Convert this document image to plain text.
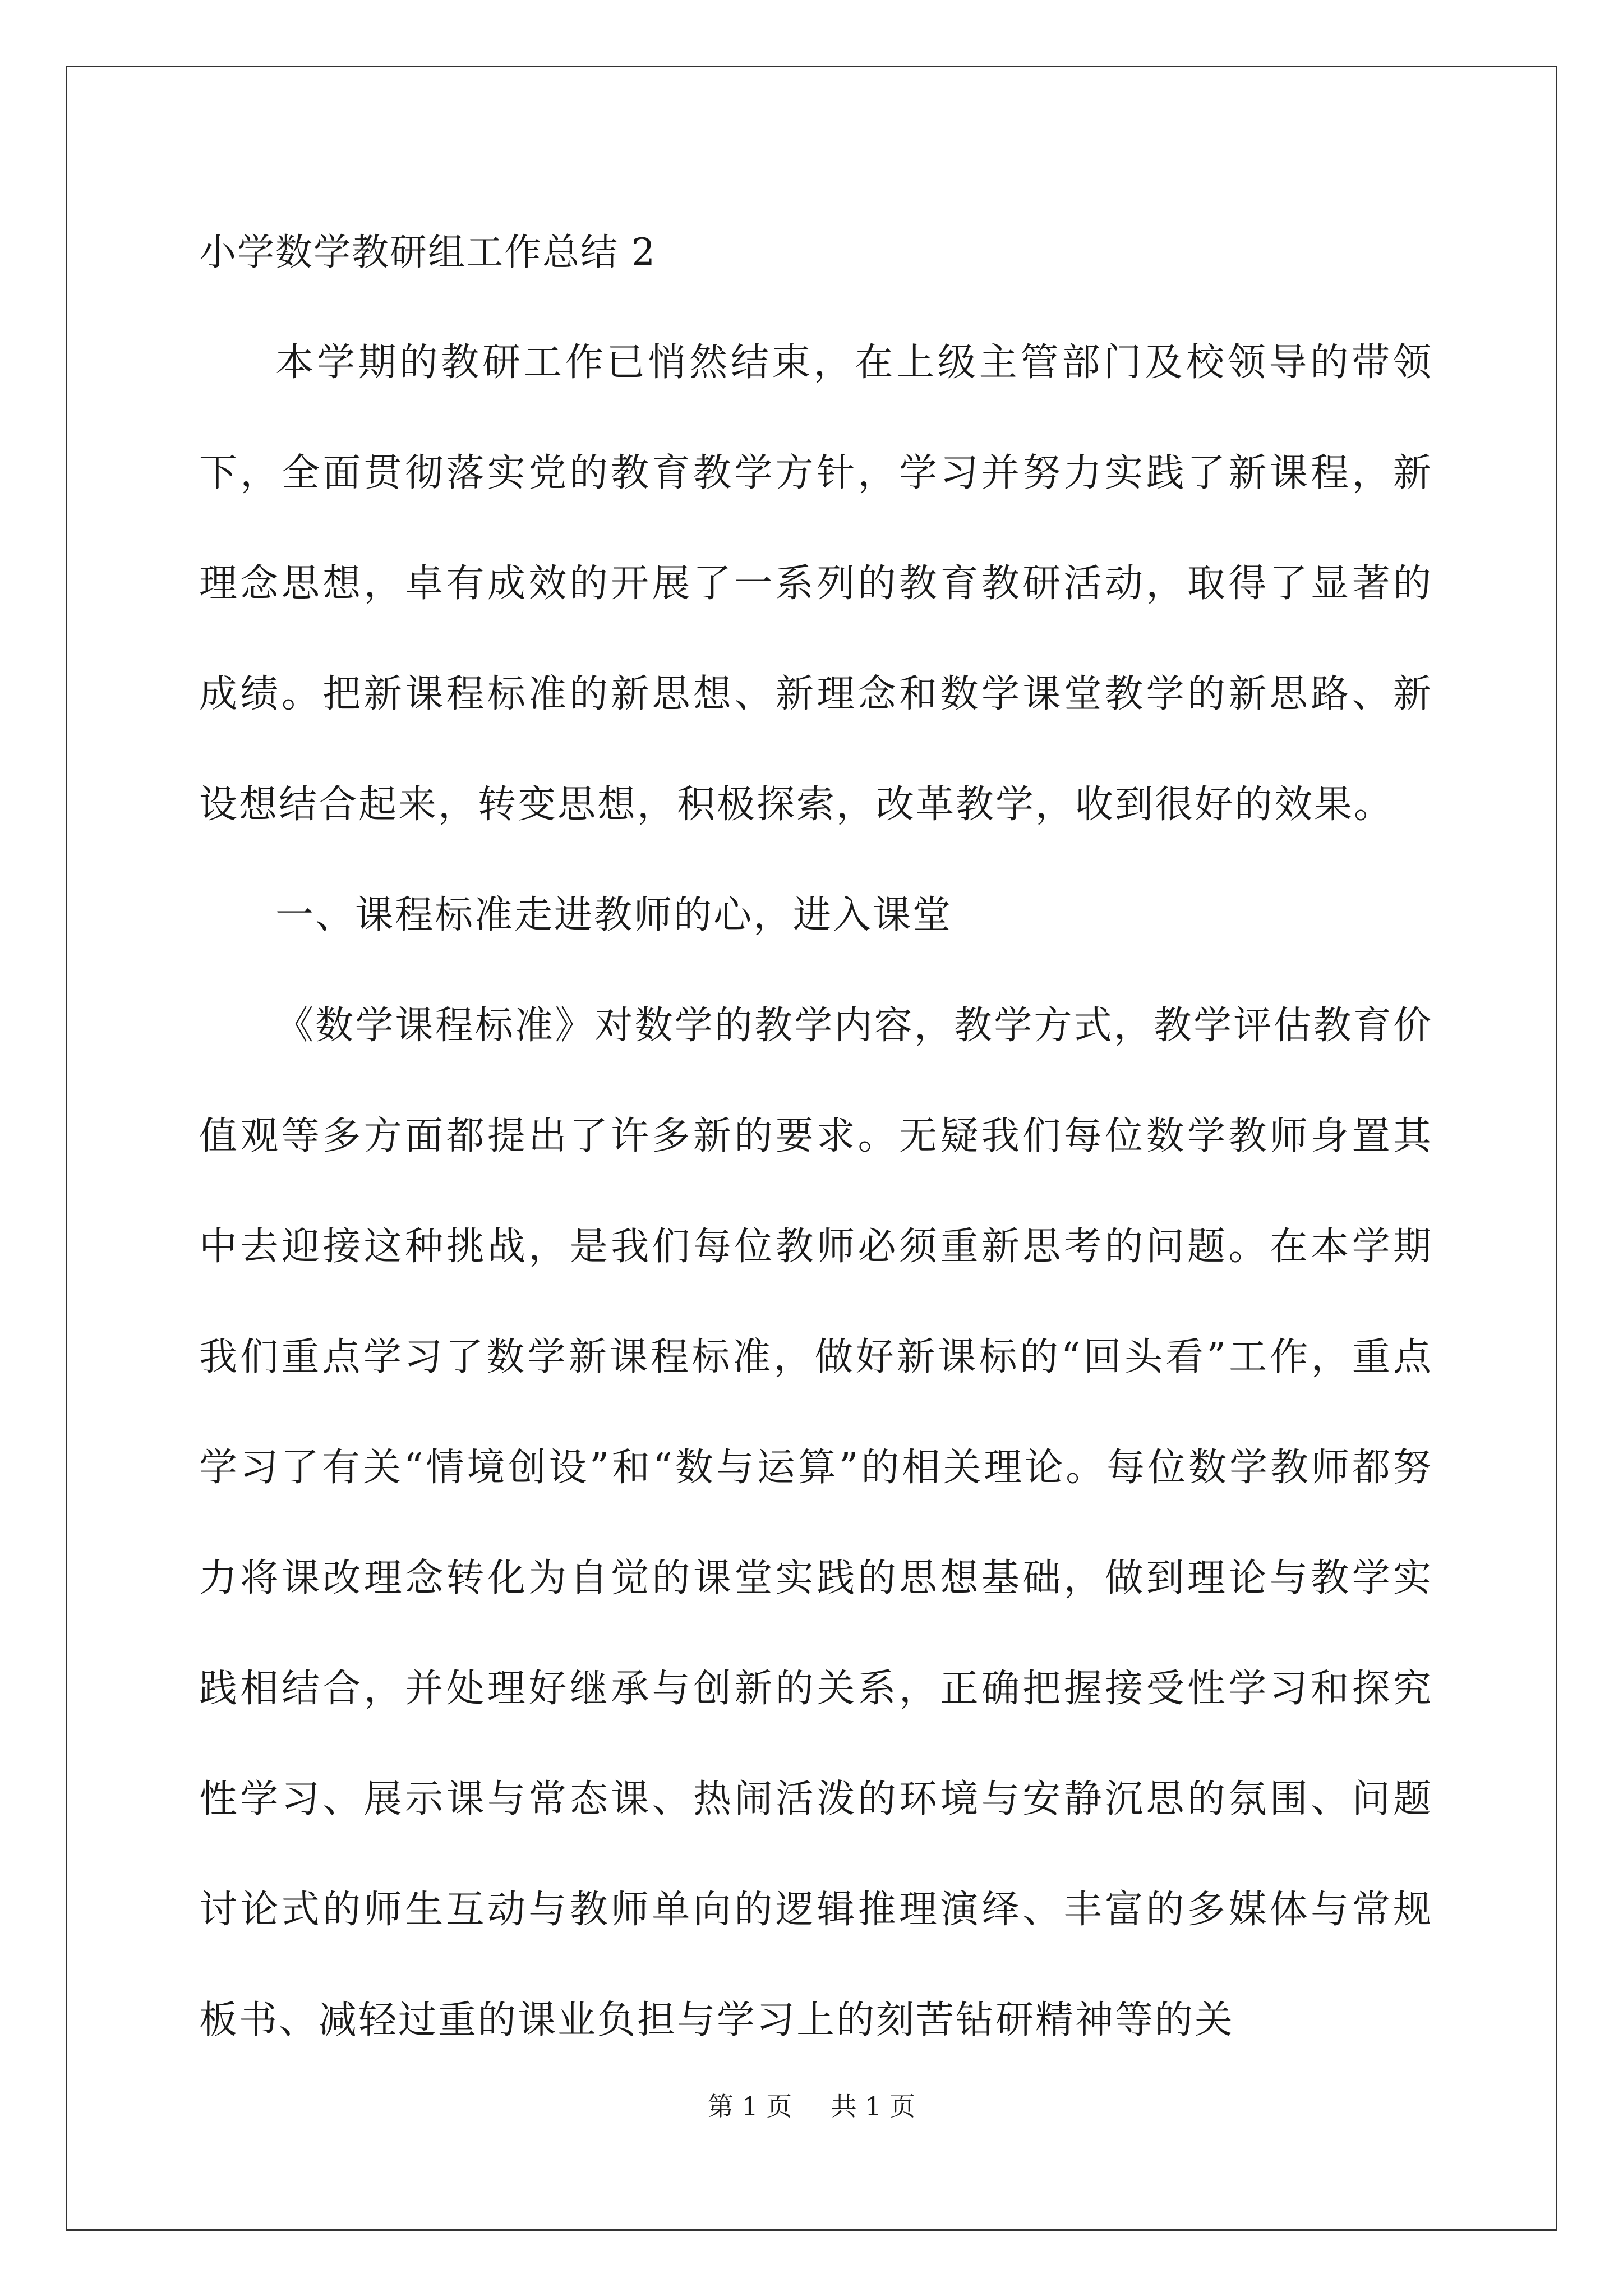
小学数学教研组工作总结 2

本学期的教研工作已悄然结束，在上级主管部门及校领导的带领下，全面贯彻落实党的教育教学方针，学习并努力实践了新课程，新理念思想，卓有成效的开展了一系列的教育教研活动，取得了显著的成绩。把新课程标准的新思想、新理念和数学课堂教学的新思路、新设想结合起来，转变思想，积极探索，改革教学，收到很好的效果。

一、课程标准走进教师的心，进入课堂

《数学课程标准》对数学的教学内容，教学方式，教学评估教育价值观等多方面都提出了许多新的要求。无疑我们每位数学教师身置其中去迎接这种挑战，是我们每位教师必须重新思考的问题。在本学期我们重点学习了数学新课程标准，做好新课标的“回头看”工作，重点学习了有关“情境创设”和“数与运算”的相关理论。每位数学教师都努力将课改理念转化为自觉的课堂实践的思想基础，做到理论与教学实践相结合，并处理好继承与创新的关系，正确把握接受性学习和探究性学习、展示课与常态课、热闹活泼的环境与安静沉思的氛围、问题讨论式的师生互动与教师单向的逻辑推理演绎、丰富的多媒体与常规板书、减轻过重的课业负担与学习上的刻苦钻研精神等的关

第 1 页 共 1 页
